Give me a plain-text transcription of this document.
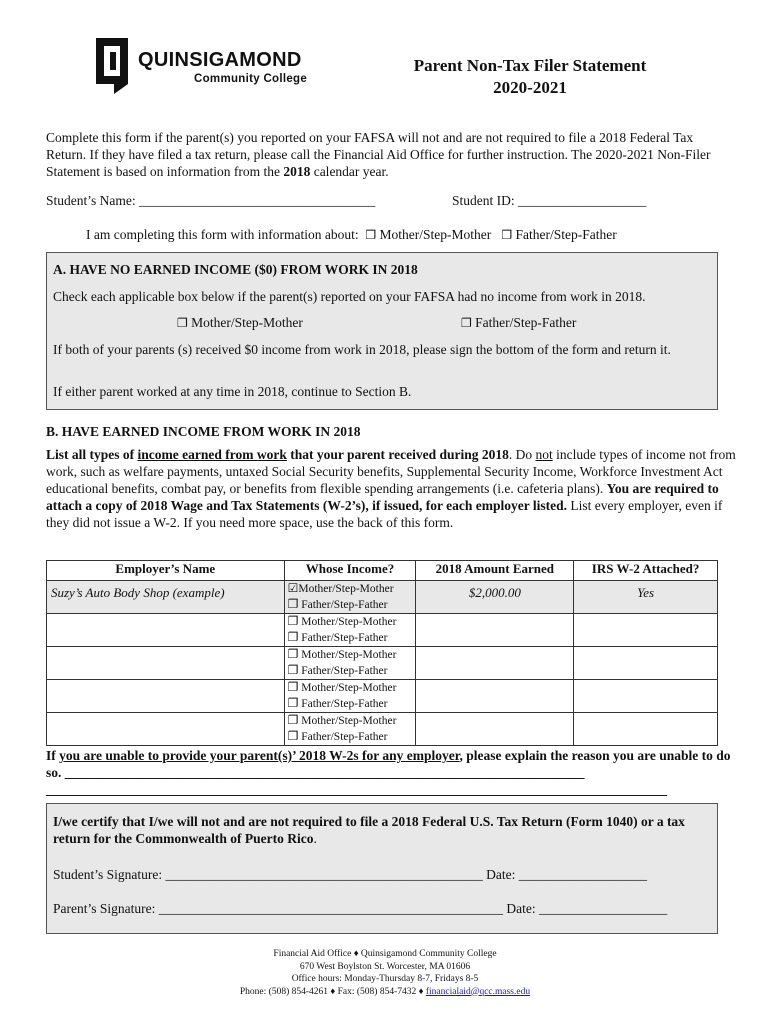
QUINSIGAMOND
Community College
Parent Non-Tax Filer Statement
2020-2021
Complete this form if the parent(s) you reported on your FAFSA will not and are not required to file a 2018 Federal Tax Return. If they have filed a tax return, please call the Financial Aid Office for further instruction. The 2020-2021 Non-Filer Statement is based on information from the 2018 calendar year.
Student’s Name: ___________________________________	Student ID: ___________________
I am completing this form with information about: ❐ Mother/Step-Mother ❐ Father/Step-Father
A. HAVE NO EARNED INCOME ($0) FROM WORK IN 2018
Check each applicable box below if the parent(s) reported on your FAFSA had no income from work in 2018.
❐ Mother/Step-Mother	❐ Father/Step-Father
If both of your parents (s) received $0 income from work in 2018, please sign the bottom of the form and return it.
If either parent worked at any time in 2018, continue to Section B.
B. HAVE EARNED INCOME FROM WORK IN 2018
List all types of income earned from work that your parent received during 2018. Do not include types of income not from work, such as welfare payments, untaxed Social Security benefits, Supplemental Security Income, Workforce Investment Act educational benefits, combat pay, or benefits from flexible spending arrangements (i.e. cafeteria plans). You are required to attach a copy of 2018 Wage and Tax Statements (W-2’s), if issued, for each employer listed. List every employer, even if they did not issue a W-2. If you need more space, use the back of this form.
Employer’s Name	Whose Income?	2018 Amount Earned	IRS W-2 Attached?
Suzy’s Auto Body Shop (example)	☑Mother/Step-Mother
❐ Father/Step-Father	$2,000.00	Yes

	❐ Mother/Step-Mother
❐ Father/Step-Father		

	❐ Mother/Step-Mother
❐ Father/Step-Father		

	❐ Mother/Step-Mother
❐ Father/Step-Father		

	❐ Mother/Step-Mother
❐ Father/Step-Father		

If you are unable to provide your parent(s)’ 2018 W-2s for any employer, please explain the reason you are unable to do so. _____________________________________________________________________________
____________________________________________________________________________________________
I/we certify that I/we will not and are not required to file a 2018 Federal U.S. Tax Return (Form 1040) or a tax return for the Commonwealth of Puerto Rico.
Student’s Signature: _______________________________________________ Date: ___________________
Parent’s Signature: ___________________________________________________ Date: ___________________
Financial Aid Office ♦ Quinsigamond Community College
670 West Boylston St. Worcester, MA 01606
Office hours: Monday-Thursday 8-7, Fridays 8-5
Phone: (508) 854-4261 ♦ Fax: (508) 854-7432 ♦ financialaid@qcc.mass.edu
